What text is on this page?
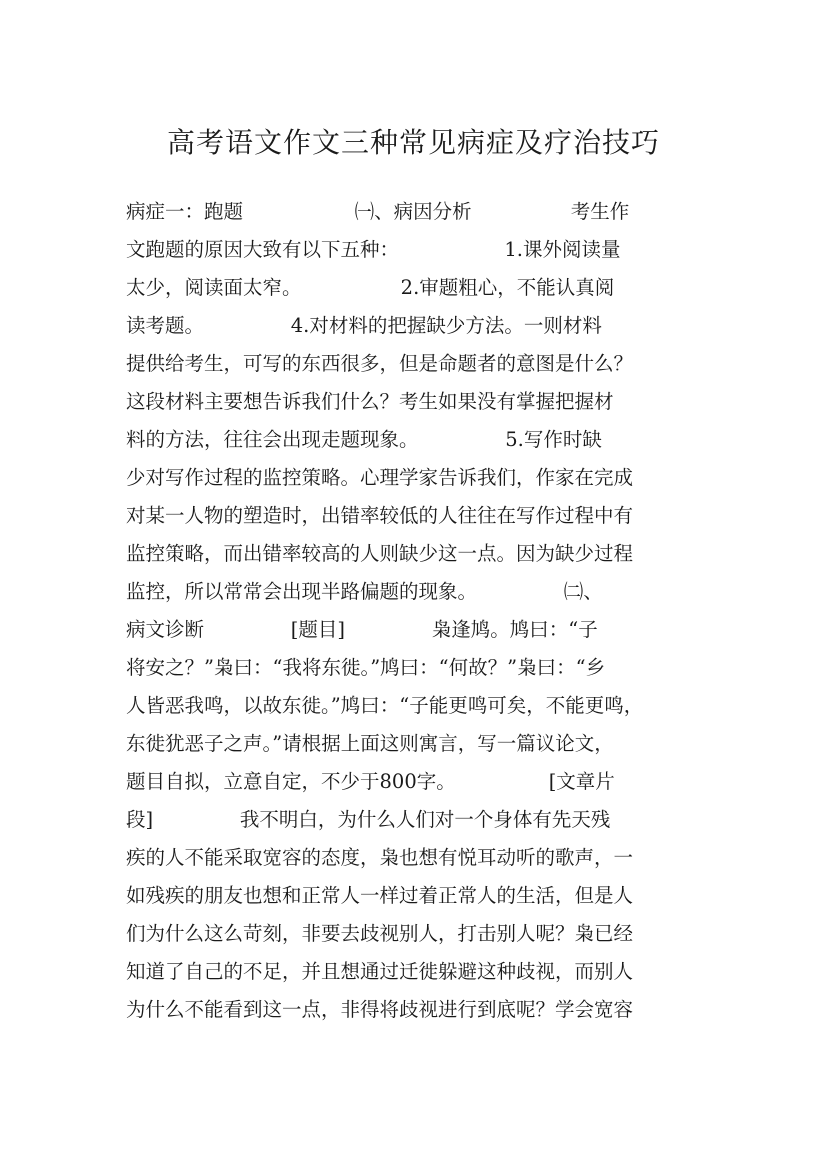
高考语文作文三种常见病症及疗治技巧
病症一：跑题                  ㈠、病因分析                考生作
文跑题的原因大致有以下五种：                 1.课外阅读量
太少，阅读面太窄。                2.审题粗心，不能认真阅
读考题。              4.对材料的把握缺少方法。一则材料
提供给考生，可写的东西很多，但是命题者的意图是什么？
这段材料主要想告诉我们什么？考生如果没有掌握把握材
料的方法，往往会出现走题现象。              5.写作时缺
少对写作过程的监控策略。心理学家告诉我们，作家在完成
对某一人物的塑造时，出错率较低的人往往在写作过程中有
监控策略，而出错率较高的人则缺少这一点。因为缺少过程
监控，所以常常会出现半路偏题的现象。              ㈡、
病文诊断              [题目]              枭逢鸠。鸠曰：“子
将安之？”枭曰：“我将东徙。”鸠曰：“何故？”枭曰：“乡
人皆恶我鸣，以故东徙。”鸠曰：“子能更鸣可矣，不能更鸣，
东徙犹恶子之声。”请根据上面这则寓言，写一篇议论文，
题目自拟，立意自定，不少于800字。               [文章片
段]              我不明白，为什么人们对一个身体有先天残
疾的人不能采取宽容的态度，枭也想有悦耳动听的歌声，一
如残疾的朋友也想和正常人一样过着正常人的生活，但是人
们为什么这么苛刻，非要去歧视别人，打击别人呢？枭已经
知道了自己的不足，并且想通过迁徙躲避这种歧视，而别人
为什么不能看到这一点，非得将歧视进行到底呢？学会宽容
